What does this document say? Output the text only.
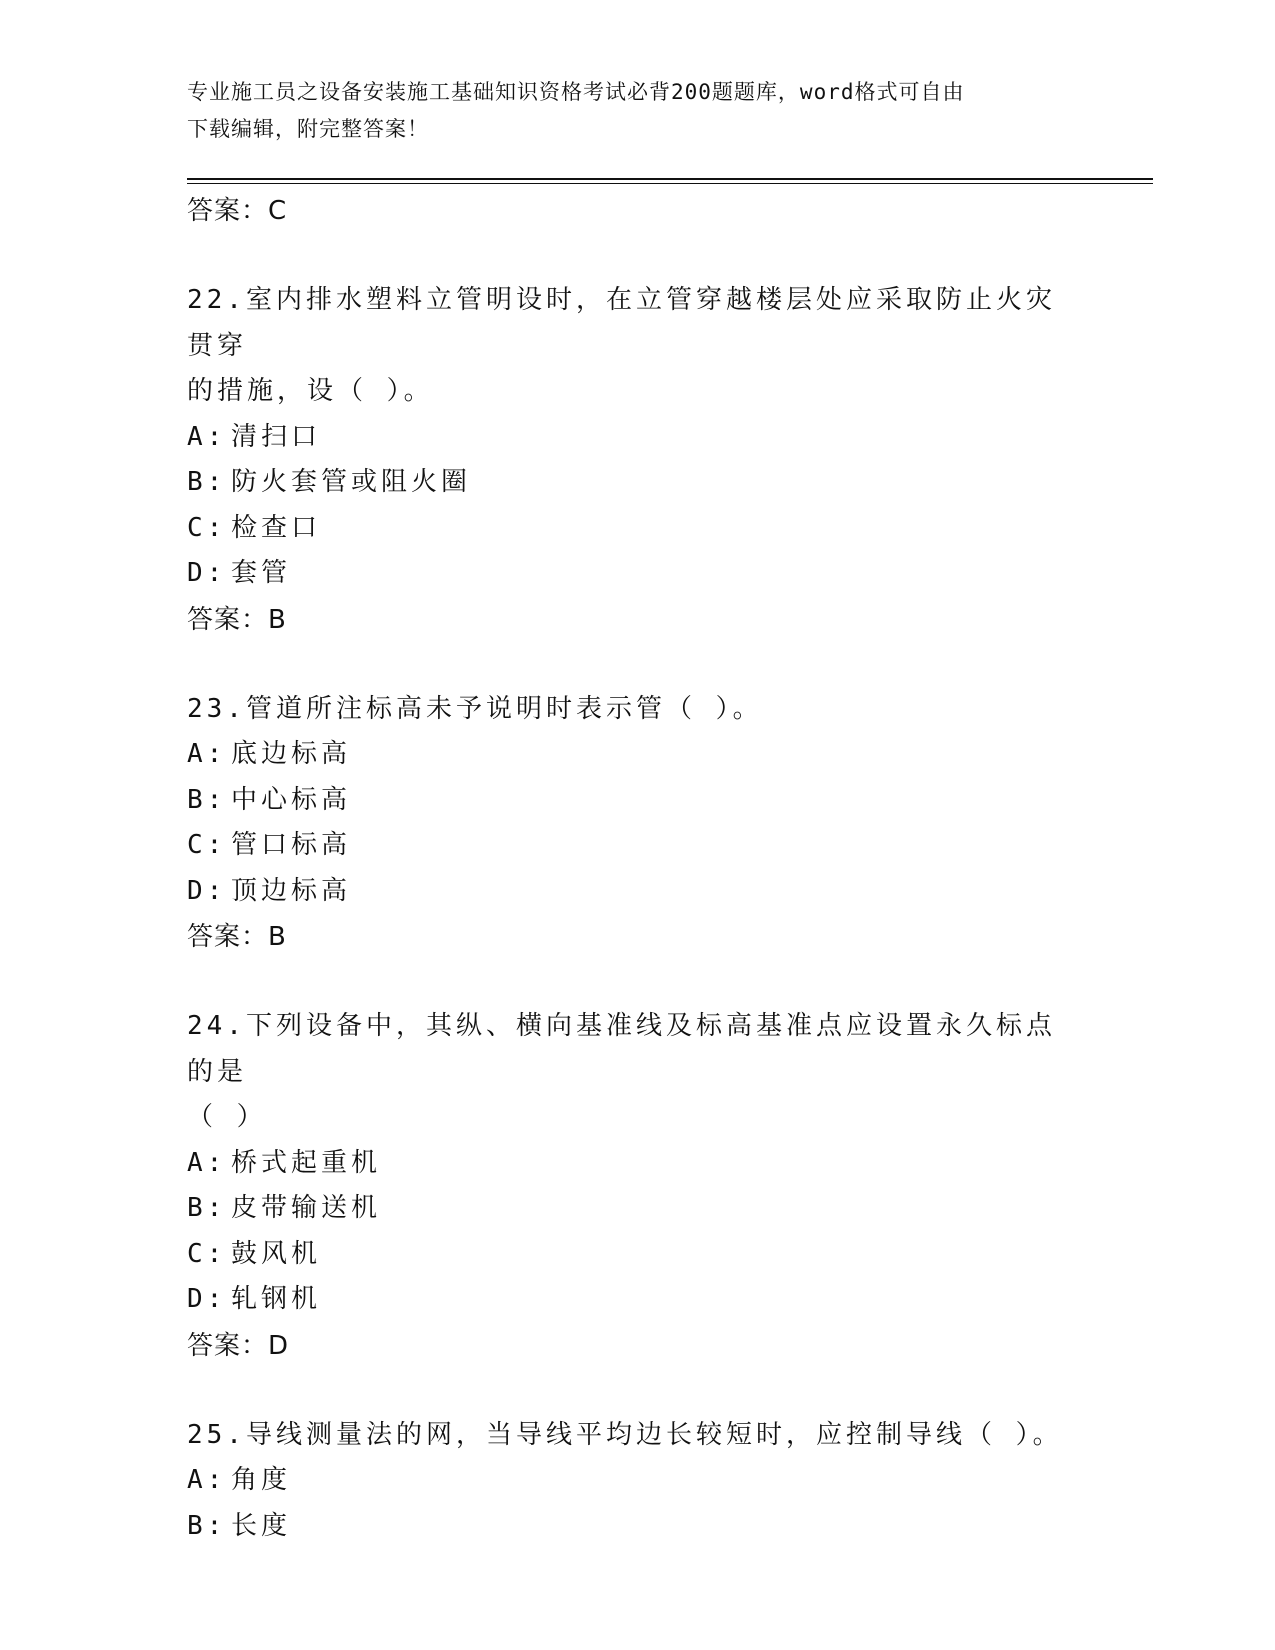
专业施工员之设备安装施工基础知识资格考试必背200题题库，word格式可自由
下载编辑，附完整答案！
答案：C
22.室内排水塑料立管明设时，在立管穿越楼层处应采取防止火灾贯穿
的措施，设（ ）。
A: 清扫口
B: 防火套管或阻火圈
C: 检查口
D: 套管
答案：B
23.管道所注标高未予说明时表示管（ ）。
A: 底边标高
B: 中心标高
C: 管口标高
D: 顶边标高
答案：B
24.下列设备中，其纵、横向基准线及标高基准点应设置永久标点的是
（ ）
A: 桥式起重机
B: 皮带输送机
C: 鼓风机
D: 轧钢机
答案：D
25.导线测量法的网，当导线平均边长较短时，应控制导线（ ）。
A: 角度
B: 长度
